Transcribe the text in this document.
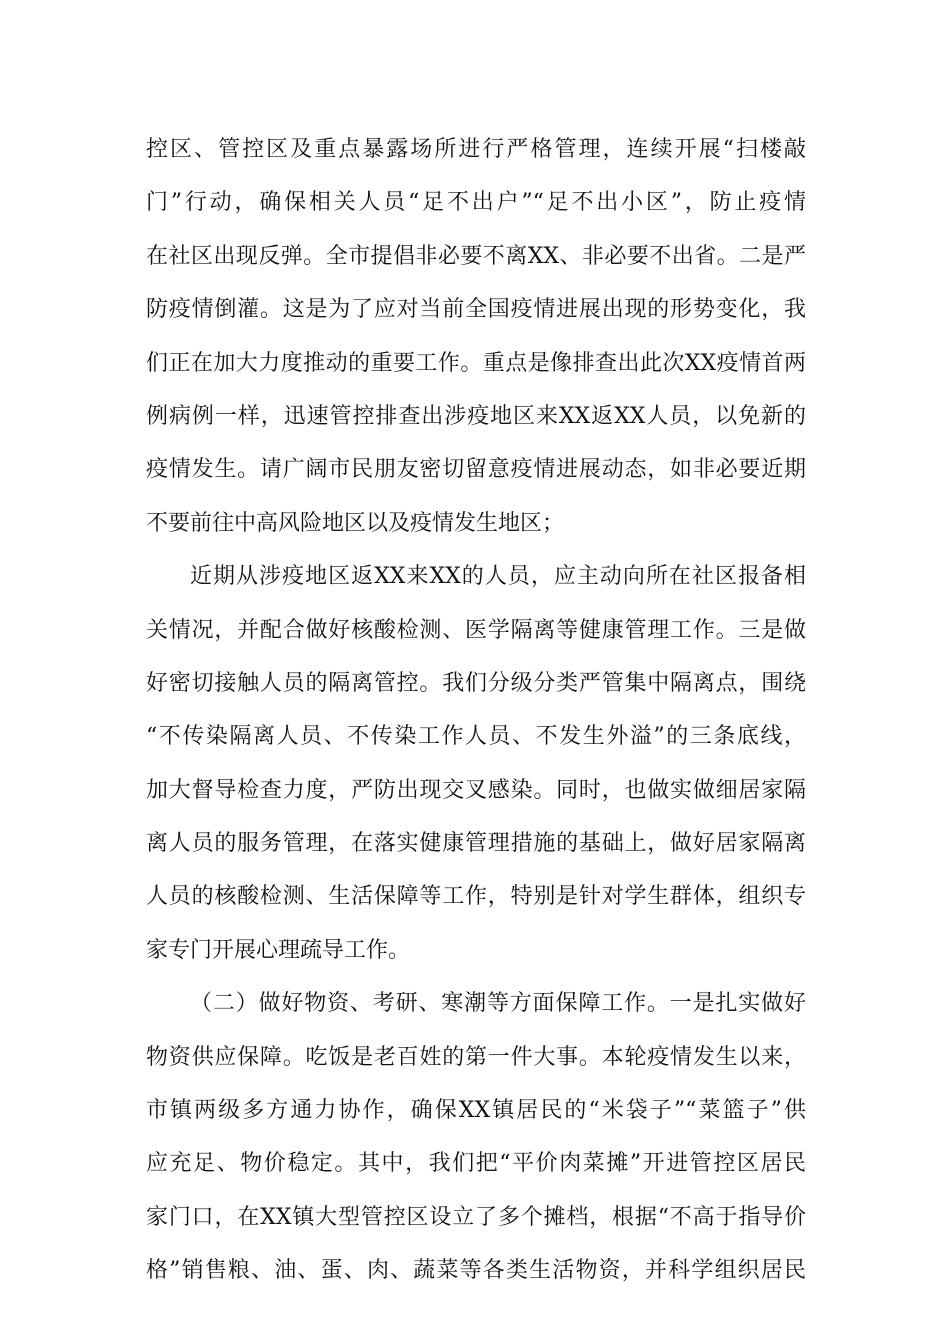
控区、管控区及重点暴露场所进行严格管理，连续开展“扫楼敲
门”行动，确保相关人员“足不出户”“足不出小区”，防止疫情
在社区出现反弹。全市提倡非必要不离XX、非必要不出省。二是严
防疫情倒灌。这是为了应对当前全国疫情进展出现的形势变化，我
们正在加大力度推动的重要工作。重点是像排查出此次XX疫情首两
例病例一样，迅速管控排查出涉疫地区来XX返XX人员，以免新的
疫情发生。请广阔市民朋友密切留意疫情进展动态，如非必要近期
不要前往中高风险地区以及疫情发生地区；
近期从涉疫地区返XX来XX的人员，应主动向所在社区报备相
关情况，并配合做好核酸检测、医学隔离等健康管理工作。三是做
好密切接触人员的隔离管控。我们分级分类严管集中隔离点，围绕
“不传染隔离人员、不传染工作人员、不发生外溢”的三条底线，
加大督导检查力度，严防出现交叉感染。同时，也做实做细居家隔
离人员的服务管理，在落实健康管理措施的基础上，做好居家隔离
人员的核酸检测、生活保障等工作，特别是针对学生群体，组织专
家专门开展心理疏导工作。
（二）做好物资、考研、寒潮等方面保障工作。一是扎实做好
物资供应保障。吃饭是老百姓的第一件大事。本轮疫情发生以来，
市镇两级多方通力协作，确保XX镇居民的“米袋子”“菜篮子”供
应充足、物价稳定。其中，我们把“平价肉菜摊”开进管控区居民
家门口，在XX镇大型管控区设立了多个摊档，根据“不高于指导价
格”销售粮、油、蛋、肉、蔬菜等各类生活物资，并科学组织居民
